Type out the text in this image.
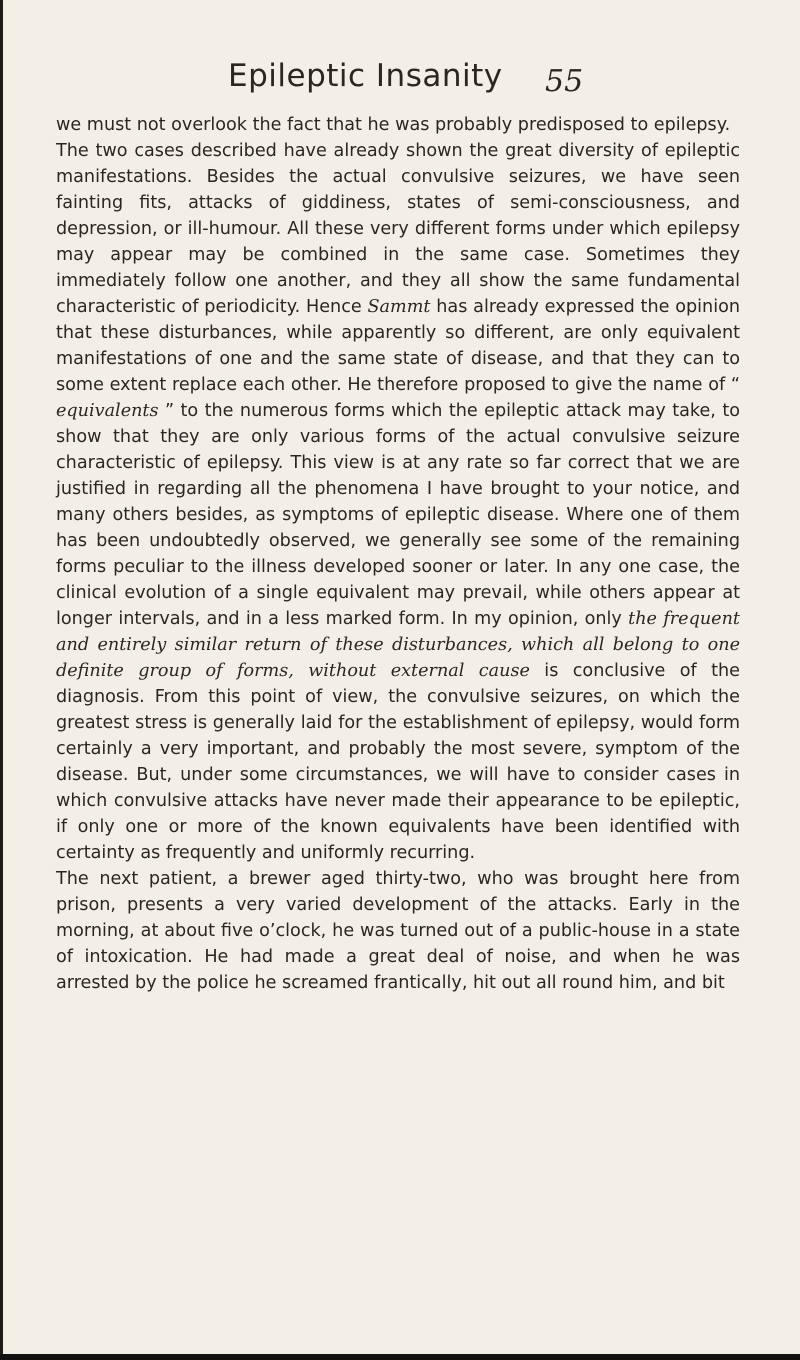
Epileptic Insanity 55

we must not overlook the fact that he was probably predisposed to epilepsy.

The two cases described have already shown the great diversity of epileptic manifestations. Besides the actual convulsive seizures, we have seen fainting fits, attacks of giddiness, states of semi-consciousness, and depression, or ill-humour. All these very different forms under which epilepsy may appear may be combined in the same case. Sometimes they immediately follow one another, and they all show the same fundamental characteristic of periodicity. Hence Sammt has already expressed the opinion that these disturbances, while apparently so different, are only equivalent manifestations of one and the same state of disease, and that they can to some extent replace each other. He therefore proposed to give the name of “ equivalents ” to the numerous forms which the epileptic attack may take, to show that they are only various forms of the actual convulsive seizure characteristic of epilepsy. This view is at any rate so far correct that we are justified in regarding all the phenomena I have brought to your notice, and many others besides, as symptoms of epileptic disease. Where one of them has been undoubtedly observed, we generally see some of the remaining forms peculiar to the illness developed sooner or later. In any one case, the clinical evolution of a single equivalent may prevail, while others appear at longer intervals, and in a less marked form. In my opinion, only the frequent and entirely similar return of these disturbances, which all belong to one definite group of forms, without external cause is conclusive of the diagnosis. From this point of view, the convulsive seizures, on which the greatest stress is generally laid for the establishment of epilepsy, would form certainly a very important, and probably the most severe, symptom of the disease. But, under some circumstances, we will have to consider cases in which convulsive attacks have never made their appearance to be epileptic, if only one or more of the known equivalents have been identified with certainty as frequently and uniformly recurring.

The next patient, a brewer aged thirty-two, who was brought here from prison, presents a very varied development of the attacks. Early in the morning, at about five o’clock, he was turned out of a public-house in a state of intoxication. He had made a great deal of noise, and when he was arrested by the police he screamed frantically, hit out all round him, and bit
